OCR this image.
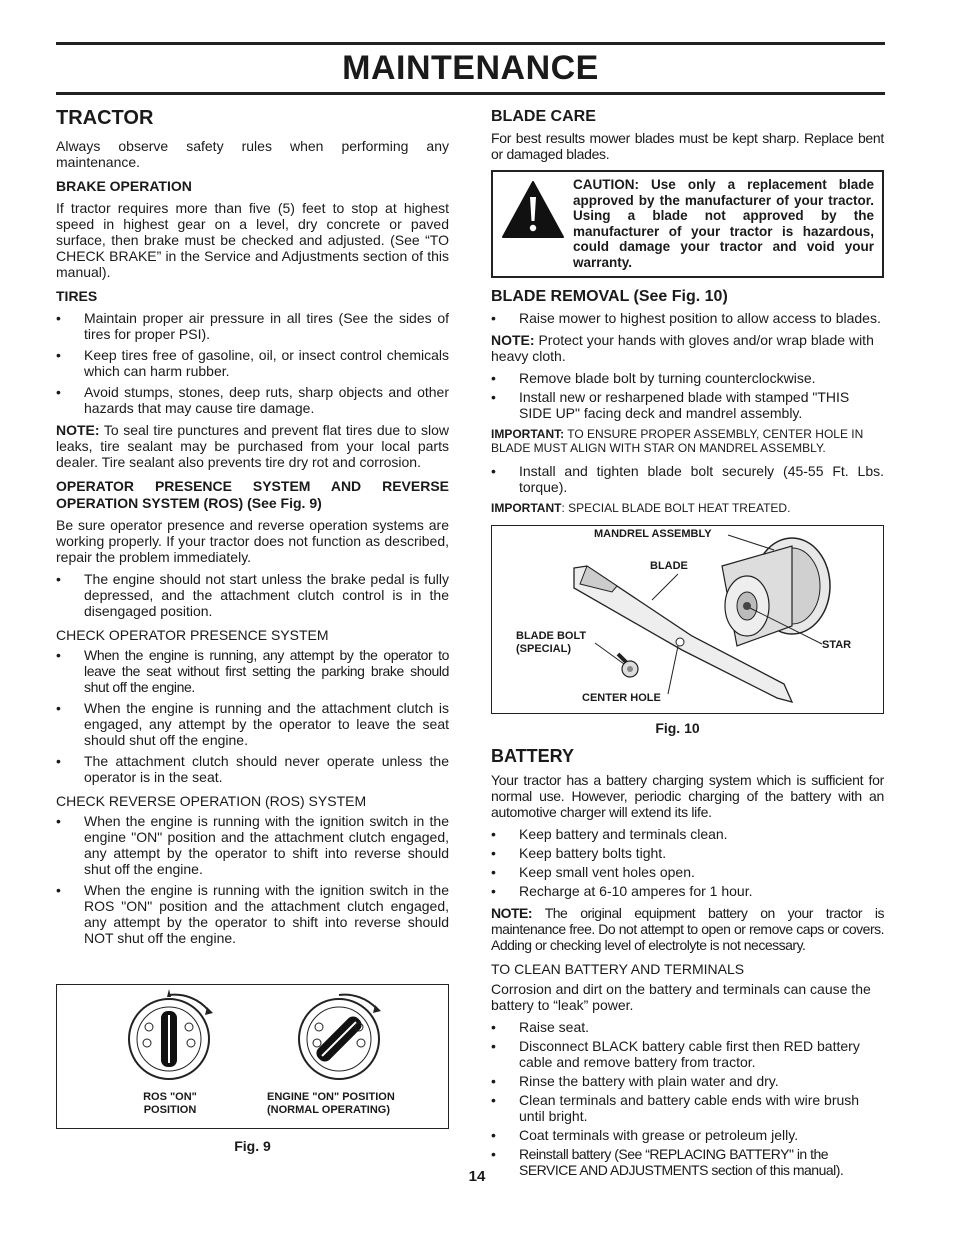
MAINTENANCE
TRACTOR

Always observe safety rules when performing any maintenance.

BRAKE OPERATION

If tractor requires more than five (5) feet to stop at highest speed in highest gear on a level, dry concrete or paved surface, then brake must be checked and adjusted. (See “TO CHECK BRAKE” in the Service and Adjustments section of this manual).

TIRES
• Maintain proper air pressure in all tires (See the sides of tires for proper PSI).
• Keep tires free of gasoline, oil, or insect control chemicals which can harm rubber.
• Avoid stumps, stones, deep ruts, sharp objects and other hazards that may cause tire damage.

NOTE: To seal tire punctures and prevent flat tires due to slow leaks, tire sealant may be purchased from your local parts dealer. Tire sealant also prevents tire dry rot and corrosion.

OPERATOR PRESENCE SYSTEM AND REVERSE OPERATION SYSTEM (ROS) (See Fig. 9)

Be sure operator presence and reverse operation systems are working properly. If your tractor does not function as described, repair the problem immediately.

• The engine should not start unless the brake pedal is fully depressed, and the attachment clutch control is in the disengaged position.
CHECK OPERATOR PRESENCE SYSTEM
• When the engine is running, any attempt by the operator to leave the seat without first setting the parking brake should shut off the engine.
• When the engine is running and the attachment clutch is engaged, any attempt by the operator to leave the seat should shut off the engine.
• The attachment clutch should never operate unless the operator is in the seat.
CHECK REVERSE OPERATION (ROS) SYSTEM
• When the engine is running with the ignition switch in the engine "ON" position and the attachment clutch engaged, any attempt by the operator to shift into reverse should shut off the engine.
• When the engine is running with the ignition switch in the ROS "ON" position and the attachment clutch engaged, any attempt by the operator to shift into reverse should NOT shut off the engine.
ROS "ON"
POSITION
ENGINE "ON" POSITION
(NORMAL OPERATING)
Fig. 9
BLADE CARE

For best results mower blades must be kept sharp. Replace bent or damaged blades.

CAUTION: Use only a replacement blade approved by the manufacturer of your tractor. Using a blade not approved by the manufacturer of your tractor is hazardous, could damage your tractor and void your warranty.
BLADE REMOVAL (See Fig. 10)
• Raise mower to highest position to allow access to blades.

NOTE: Protect your hands with gloves and/or wrap blade with heavy cloth.

• Remove blade bolt by turning counterclockwise.
• Install new or resharpened blade with stamped "THIS SIDE UP" facing deck and mandrel assembly.

IMPORTANT: TO ENSURE PROPER ASSEMBLY, CENTER HOLE IN BLADE MUST ALIGN WITH STAR ON MANDREL ASSEMBLY.

• Install and tighten blade bolt securely (45-55 Ft. Lbs. torque).

IMPORTANT: SPECIAL BLADE BOLT HEAT TREATED.

MANDREL ASSEMBLY
BLADE
BLADE BOLT
(SPECIAL)	STAR
CENTER HOLE
Fig. 10
BATTERY

Your tractor has a battery charging system which is sufficient for normal use. However, periodic charging of the battery with an automotive charger will extend its life.

• Keep battery and terminals clean.
• Keep battery bolts tight.
• Keep small vent holes open.
• Recharge at 6-10 amperes for 1 hour.

NOTE: The original equipment battery on your tractor is maintenance free. Do not attempt to open or remove caps or covers. Adding or checking level of electrolyte is not necessary.

TO CLEAN BATTERY AND TERMINALS

Corrosion and dirt on the battery and terminals can cause the battery to “leak” power.

• Raise seat.
• Disconnect BLACK battery cable first then RED battery cable and remove battery from tractor.
• Rinse the battery with plain water and dry.
• Clean terminals and battery cable ends with wire brush until bright.
• Coat terminals with grease or petroleum jelly.
• Reinstall battery (See “REPLACING BATTERY" in the SERVICE AND ADJUSTMENTS section of this manual).
14
